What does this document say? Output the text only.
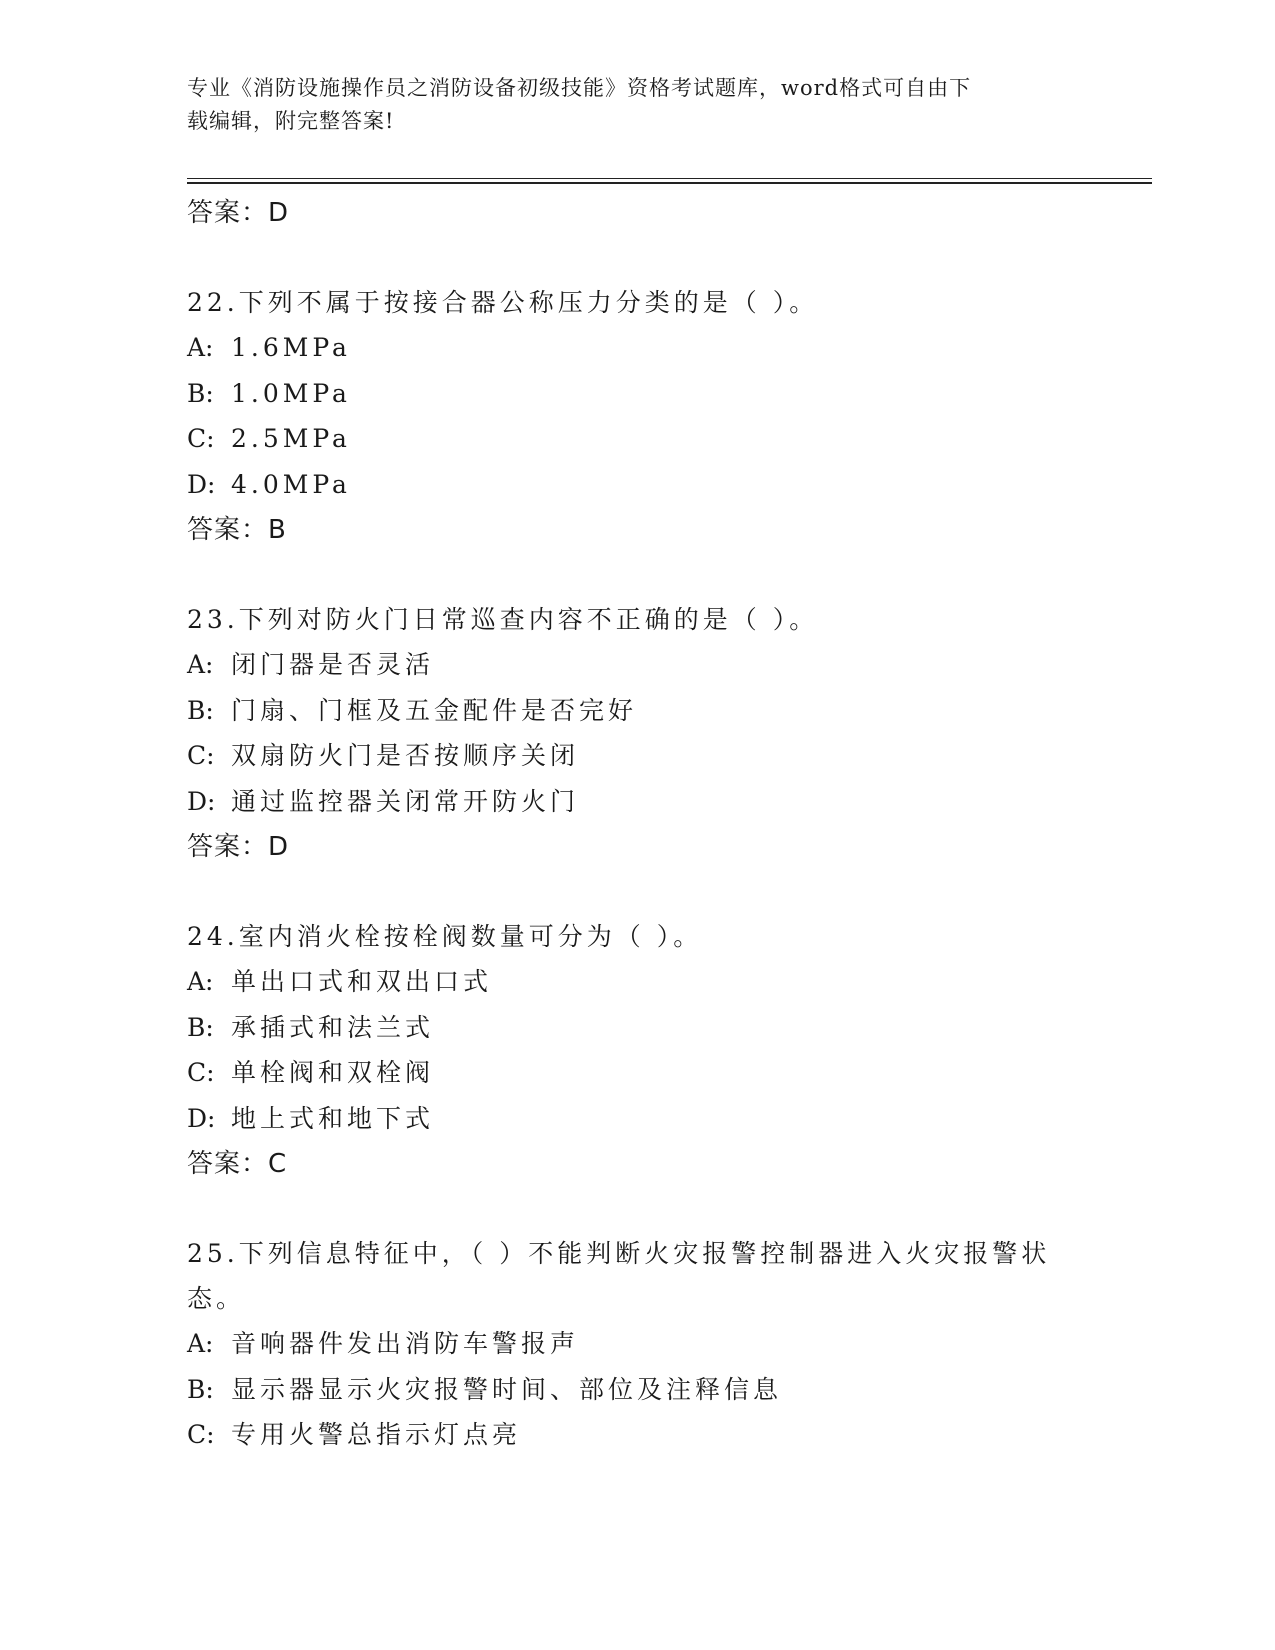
专业《消防设施操作员之消防设备初级技能》资格考试题库，word格式可自由下
载编辑，附完整答案!
答案：D
22.下列不属于按接合器公称压力分类的是（ ）。
A: 1.6MPa
B: 1.0MPa
C: 2.5MPa
D: 4.0MPa
答案：B
23.下列对防火门日常巡查内容不正确的是（ ）。
A: 闭门器是否灵活
B: 门扇、门框及五金配件是否完好
C: 双扇防火门是否按顺序关闭
D: 通过监控器关闭常开防火门
答案：D
24.室内消火栓按栓阀数量可分为（ ）。
A: 单出口式和双出口式
B: 承插式和法兰式
C: 单栓阀和双栓阀
D: 地上式和地下式
答案：C
25.下列信息特征中，（ ）不能判断火灾报警控制器进入火灾报警状态。
A: 音响器件发出消防车警报声
B: 显示器显示火灾报警时间、部位及注释信息
C: 专用火警总指示灯点亮
